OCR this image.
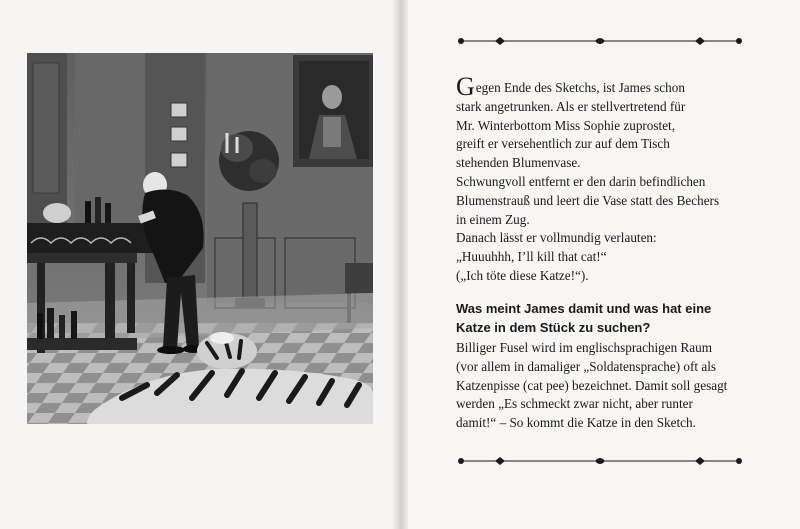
Gegen Ende des Sketchs, ist James schon

stark angetrunken. Als er stellvertretend für

Mr. Winterbottom Miss Sophie zuprostet,

greift er versehentlich zur auf dem Tisch

stehenden Blumenvase.

Schwungvoll entfernt er den darin befindlichen

Blumenstrauß und leert die Vase statt des Bechers

in einem Zug.

Danach lässt er vollmundig verlauten:

„Huuuhhh, I’ll kill that cat!“

(„Ich töte diese Katze!“).

Was meint James damit und was hat eine
Katze in dem Stück zu suchen?
Billiger Fusel wird im englischsprachigen Raum
(vor allem in damaliger „Soldatensprache) oft als
Katzenpisse (cat pee) bezeichnet. Damit soll gesagt
werden „Es schmeckt zwar nicht, aber runter
damit!“ – So kommt die Katze in den Sketch.
